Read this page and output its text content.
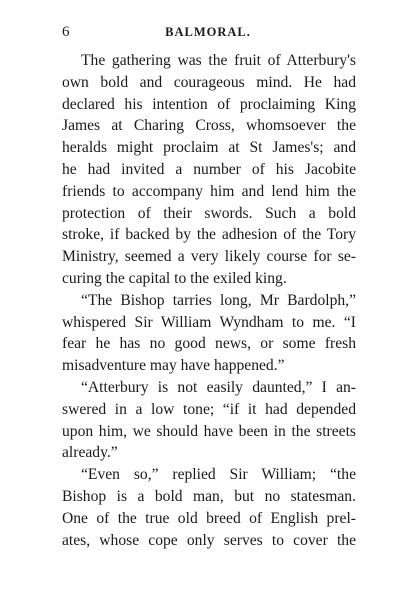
6	BALMORAL.

The gathering was the fruit of Atterbury's
own bold and courageous mind. He had
declared his intention of proclaiming King
James at Charing Cross, whomsoever the
heralds might proclaim at St James's; and
he had invited a number of his Jacobite
friends to accompany him and lend him the
protection of their swords. Such a bold
stroke, if backed by the adhesion of the Tory
Ministry, seemed a very likely course for se-
curing the capital to the exiled king.

“The Bishop tarries long, Mr Bardolph,”
whispered Sir William Wyndham to me. “I
fear he has no good news, or some fresh
misadventure may have happened.”

“Atterbury is not easily daunted,” I an-
swered in a low tone; “if it had depended
upon him, we should have been in the streets
already.”

“Even so,” replied Sir William; “the
Bishop is a bold man, but no statesman.
One of the true old breed of English prel-
ates, whose cope only serves to cover the
